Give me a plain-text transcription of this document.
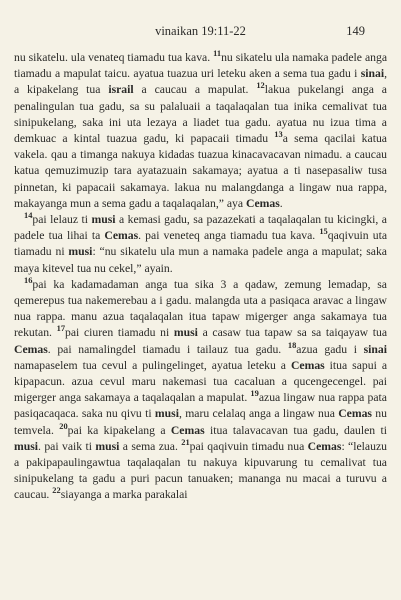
vinaikan 19:11-22	149

nu sikatelu. ula venateq tiamadu tua kava. $^{11}$nu sikatelu ula namaka padele anga tiamadu a mapulat taicu. ayatua tuazua uri leteku aken a sema tua gadu i sinai, a kipakelang tua israil a caucau a mapulat. $^{12}$lakua pukelangi anga a penalingulan tua gadu, sa su palaluaii a taqalaqalan tua inika cemalivat tua sinipukelang, saka ini uta lezaya a liadet tua gadu. ayatua nu izua tima a demkuac a kintal tuazua gadu, ki papacaii timadu $^{13}$a sema qacilai katua vakela. qau a timanga nakuya kidadas tuazua kinacavacavan nimadu. a caucau katua qemuzimuzip tara ayatazuain sakamaya; ayatua a ti nasepasaliw tusa pinnetan, ki papacaii sakamaya. lakua nu malangdanga a lingaw nua rappa, makayanga mun a sema gadu a taqalaqalan,” aya Cemas.

$^{14}$pai lelauz ti musi a kemasi gadu, sa pazazekati a taqalaqalan tu kicingki, a padele tua lihai ta Cemas. pai veneteq anga tiamadu tua kava. $^{15}$qaqivuin uta tiamadu ni musi: “nu sikatelu ula mun a namaka padele anga a mapulat; saka maya kitevel tua nu cekel,” ayain.

$^{16}$pai ka kadamadaman anga tua sika 3 a qadaw, zemung lemadap, sa qemerepus tua nakemerebau a i gadu. malangda uta a pasiqaca aravac a lingaw nua rappa. manu azua taqalaqalan itua tapaw migerger anga sakamaya tua rekutan. $^{17}$pai ciuren tiamadu ni musi a casaw tua tapaw sa sa taiqayaw tua Cemas. pai namalingdel tiamadu i tailauz tua gadu. $^{18}$azua gadu i sinai namapaselem tua cevul a pulingelinget, ayatua leteku a Cemas itua sapui a kipapacun. azua cevul maru nakemasi tua cacaluan a qucengecengel. pai migerger anga sakamaya a taqalaqalan a mapulat. $^{19}$azua lingaw nua rappa pata pasiqacaqaca. saka nu qivu ti musi, maru celalaq anga a lingaw nua Cemas nu temvela. $^{20}$pai ka kipakelang a Cemas itua talavacavan tua gadu, daulen ti musi. pai vaik ti musi a sema zua. $^{21}$pai qaqivuin timadu nua Cemas: “lelauzu a pakipapaulingawtua taqalaqalan tu nakuya kipuvarung tu cemalivat tua sinipukelang ta gadu a puri pacun tanuaken; mananga nu macai a turuvu a caucau. $^{22}$siayanga a marka parakalai
